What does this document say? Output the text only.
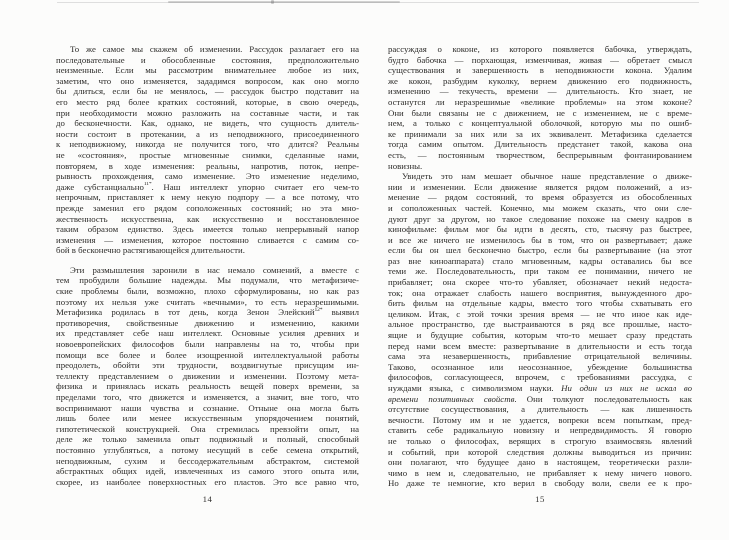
То же самое мы скажем об изменении. Рассудок разлагает его на
последовательные и обособленные состояния, предположительно
неизменные. Если мы рассмотрим внимательнее любое из них,
заметим, что оно изменяется, зададимся вопросом, как оно могло
бы длиться, если бы не менялось, — рассудок быстро подставит на
его место ряд более кратких состояний, которые, в свою очередь,
при необходимости можно разложить на составные части, и так
до бесконечности. Как, однако, не видеть, что сущность длитель-
ности состоит в протекании, а из неподвижного, присоединенного
к неподвижному, никогда не получится того, что длится? Реальны
не «состояния», простые мгновенные снимки, сделанные нами,
повторяем, в ходе изменения: реальны, напротив, поток, непре-
рывность прохождения, само изменение. Это изменение неделимо,
даже субстанциально$^{11*}$. Наш интеллект упорно считает его чем-то
непрочным, приставляет к нему некую подпору — а все потому, что
прежде заменил его рядом соположенных состояний; но эта мно-
жественность искусственна, как искусственно и восстановленное
таким образом единство. Здесь имеется только непрерывный напор
изменения — изменения, которое постоянно сливается с самим со-
бой в бесконечно растягивающейся длительности.
Эти размышления заронили в нас немало сомнений, а вместе с
тем пробудили большие надежды. Мы подумали, что метафизиче-
ские проблемы были, возможно, плохо сформулированы, но как раз
поэтому их нельзя уже считать «вечными», то есть неразрешимыми.
Метафизика родилась в тот день, когда Зенон Элейский$^{12*}$ выявил
противоречия, свойственные движению и изменению, какими
их представляет себе наш интеллект. Основные усилия древних и
новоевропейских философов были направлены на то, чтобы при
помощи все более и более изощренной интеллектуальной работы
преодолеть, обойти эти трудности, воздвигнутые присущим ин-
теллекту представлением о движении и изменении. Поэтому мета-
физика и принялась искать реальность вещей поверх времени, за
пределами того, что движется и изменяется, а значит, вне того, что
воспринимают наши чувства и сознание. Отныне она могла быть
лишь более или менее искусственным упорядочением понятий,
гипотетической конструкцией. Она стремилась превзойти опыт, на
деле же только заменила опыт подвижный и полный, способный
постоянно углубляться, а потому несущий в себе семена открытий,
неподвижным, сухим и бессодержательным абстрактом, системой
абстрактных общих идей, извлеченных из самого этого опыта или,
скорее, из наиболее поверхностных его пластов. Это все равно что,
14
рассуждая о коконе, из которого появляется бабочка, утверждать,
будто бабочка — порхающая, изменчивая, живая — обретает смысл
существования и завершенность в неподвижности кокона. Удалим
же кокон, разбудим куколку, вернем движению его подвижность,
изменению — текучесть, времени — длительность. Кто знает, не
останутся ли неразрешимые «великие проблемы» на этом коконе?
Они были связаны не с движением, не с изменением, не с време-
нем, а только с концептуальной оболочкой, которую мы по ошиб-
ке принимали за них или за их эквивалент. Метафизика сделается
тогда самим опытом. Длительность предстанет такой, какова она
есть, — постоянным творчеством, беспрерывным фонтанированием
новизны.
Увидеть это нам мешает обычное наше представление о движе-
нии и изменении. Если движение является рядом положений, а из-
менение — рядом состояний, то время образуется из обособленных
и соположенных частей. Конечно, мы можем сказать, что они сле-
дуют друг за другом, но такое следование похоже на смену кадров в
кинофильме: фильм мог бы идти в десять, сто, тысячу раз быстрее,
и все же ничего не изменилось бы в том, что он развертывает; даже
если бы он шел бесконечно быстро, если бы развертывание (на этот
раз вне киноаппарата) стало мгновенным, кадры оставались бы все
теми же. Последовательность, при таком ее понимании, ничего не
прибавляет; она скорее что-то убавляет, обозначает некий недоста-
ток; она отражает слабость нашего восприятия, вынужденного дро-
бить фильм на отдельные кадры, вместо того чтобы схватывать его
целиком. Итак, с этой точки зрения время — не что иное как иде-
альное пространство, где выстраиваются в ряд все прошлые, насто-
ящие и будущие события, которым что-то мешает сразу предстать
перед нами всем вместе: развертывание в длительности и есть тогда
сама эта незавершенность, прибавление отрицательной величины.
Таково, осознанное или неосознанное, убеждение большинства
философов, согласующееся, впрочем, с требованиями рассудка, с
нуждами языка, с символизмом науки. Ни один из них не искал во
времени позитивных свойств. Они толкуют последовательность как
отсутствие сосуществования, а длительность — как лишенность
вечности. Потому им и не удается, вопреки всем попыткам, пред-
ставить себе радикальную новизну и непредвидимость. Я говорю
не только о философах, верящих в строгую взаимосвязь явлений
и событий, при которой следствия должны выводиться из причин:
они полагают, что будущее дано в настоящем, теоретически разли-
чимо в нем и, следовательно, не прибавляет к нему ничего нового.
Но даже те немногие, кто верил в свободу воли, свели ее к про-
15
